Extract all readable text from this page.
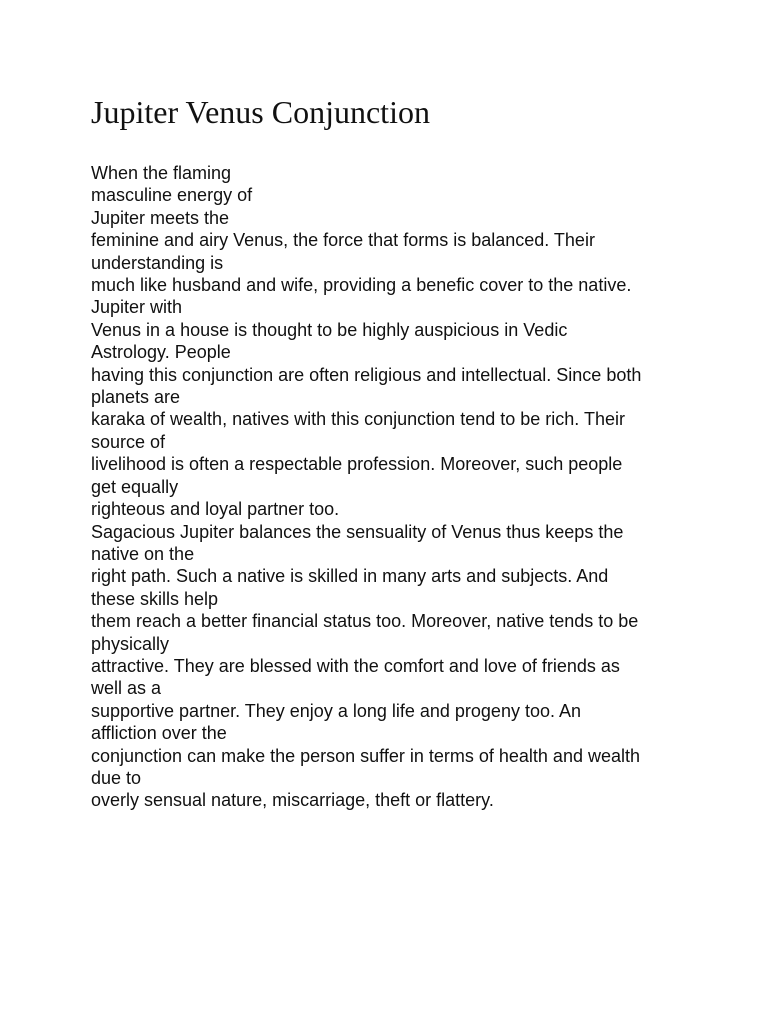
Jupiter Venus Conjunction
When the flaming
masculine energy of
Jupiter meets the
feminine and airy Venus, the force that forms is balanced. Their
understanding is
much like husband and wife, providing a benefic cover to the native.
Jupiter with
Venus in a house is thought to be highly auspicious in Vedic
Astrology. People
having this conjunction are often religious and intellectual. Since both
planets are
karaka of wealth, natives with this conjunction tend to be rich. Their
source of
livelihood is often a respectable profession. Moreover, such people
get equally
righteous and loyal partner too.
Sagacious Jupiter balances the sensuality of Venus thus keeps the
native on the
right path. Such a native is skilled in many arts and subjects. And
these skills help
them reach a better financial status too. Moreover, native tends to be
physically
attractive. They are blessed with the comfort and love of friends as
well as a
supportive partner. They enjoy a long life and progeny too. An
affliction over the
conjunction can make the person suffer in terms of health and wealth
due to
overly sensual nature, miscarriage, theft or flattery.
